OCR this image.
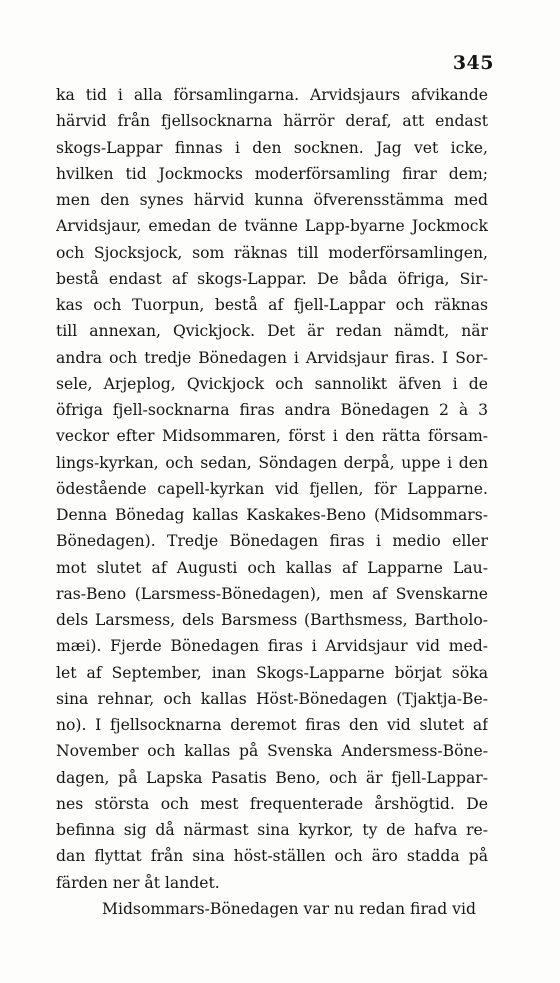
345
ka tid i alla församlingarna. Arvidsjaurs afvikande
härvid från fjellsocknarna härrör deraf, att endast
skogs-Lappar finnas i den socknen. Jag vet icke,
hvilken tid Jockmocks moderförsamling firar dem;
men den synes härvid kunna öfverensstämma med
Arvidsjaur, emedan de tvänne Lapp-byarne Jockmock
och Sjocksjock, som räknas till moderförsamlingen,
bestå endast af skogs-Lappar. De båda öfriga, Sir-
kas och Tuorpun, bestå af fjell-Lappar och räknas
till annexan, Qvickjock. Det är redan nämdt, när
andra och tredje Bönedagen i Arvidsjaur firas. I Sor-
sele, Arjeplog, Qvickjock och sannolikt äfven i de
öfriga fjell-socknarna firas andra Bönedagen 2 à 3
veckor efter Midsommaren, först i den rätta försam-
lings-kyrkan, och sedan, Söndagen derpå, uppe i den
ödestående capell-kyrkan vid fjellen, för Lapparne.
Denna Bönedag kallas Kaskakes-Beno (Midsommars-
Bönedagen). Tredje Bönedagen firas i medio eller
mot slutet af Augusti och kallas af Lapparne Lau-
ras-Beno (Larsmess-Bönedagen), men af Svenskarne
dels Larsmess, dels Barsmess (Barthsmess, Bartholo-
mæi). Fjerde Bönedagen firas i Arvidsjaur vid med-
let af September, inan Skogs-Lapparne börjat söka
sina rehnar, och kallas Höst-Bönedagen (Tjaktja-Be-
no). I fjellsocknarna deremot firas den vid slutet af
November och kallas på Svenska Andersmess-Böne-
dagen, på Lapska Pasatis Beno, och är fjell-Lappar-
nes största och mest frequenterade årshögtid. De
befinna sig då närmast sina kyrkor, ty de hafva re-
dan flyttat från sina höst-ställen och äro stadda på
färden ner åt landet.
Midsommars-Bönedagen var nu redan firad vid
